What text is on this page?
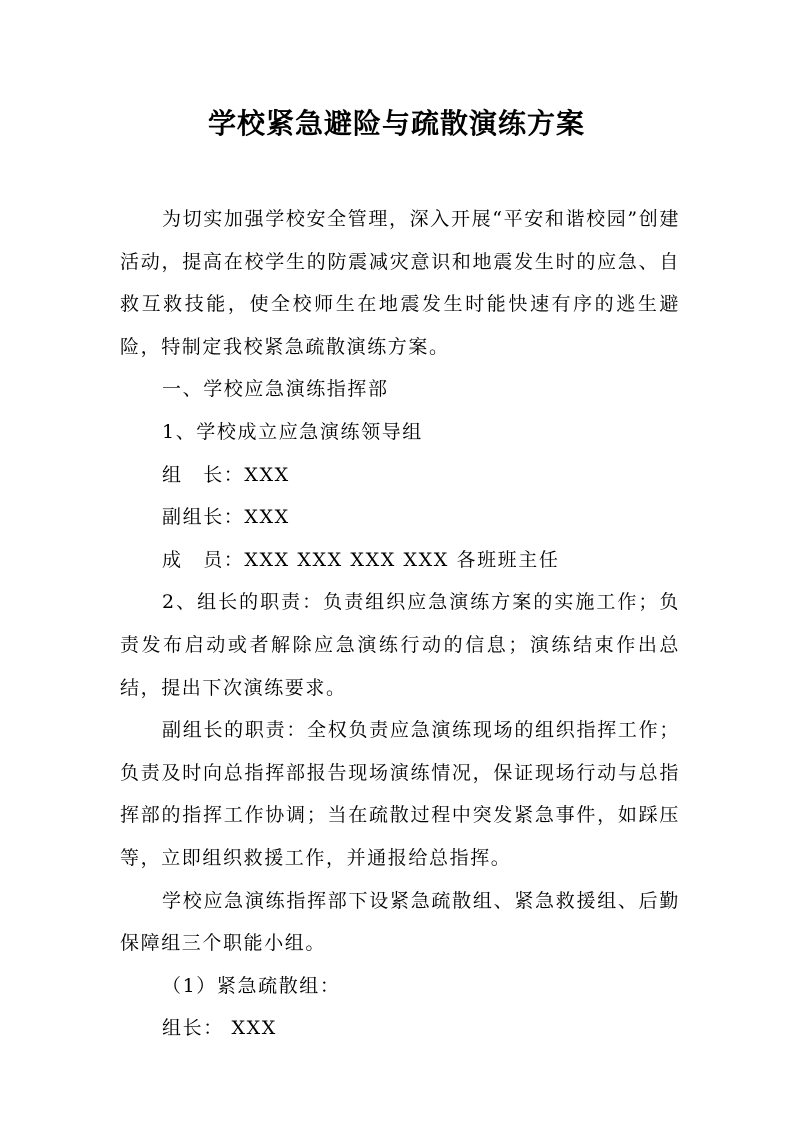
学校紧急避险与疏散演练方案

为切实加强学校安全管理，深入开展“平安和谐校园”创建活动，提高在校学生的防震减灾意识和地震发生时的应急、自救互救技能，使全校师生在地震发生时能快速有序的逃生避险，特制定我校紧急疏散演练方案。

一、学校应急演练指挥部

1、学校成立应急演练领导组

组　长：XXX

副组长：XXX

成　员：XXX XXX XXX XXX 各班班主任

2、组长的职责：负责组织应急演练方案的实施工作；负责发布启动或者解除应急演练行动的信息；演练结束作出总结，提出下次演练要求。

副组长的职责：全权负责应急演练现场的组织指挥工作；负责及时向总指挥部报告现场演练情况，保证现场行动与总指挥部的指挥工作协调；当在疏散过程中突发紧急事件，如踩压等，立即组织救援工作，并通报给总指挥。

学校应急演练指挥部下设紧急疏散组、紧急救援组、后勤保障组三个职能小组。

（1）紧急疏散组：

组长： XXX
